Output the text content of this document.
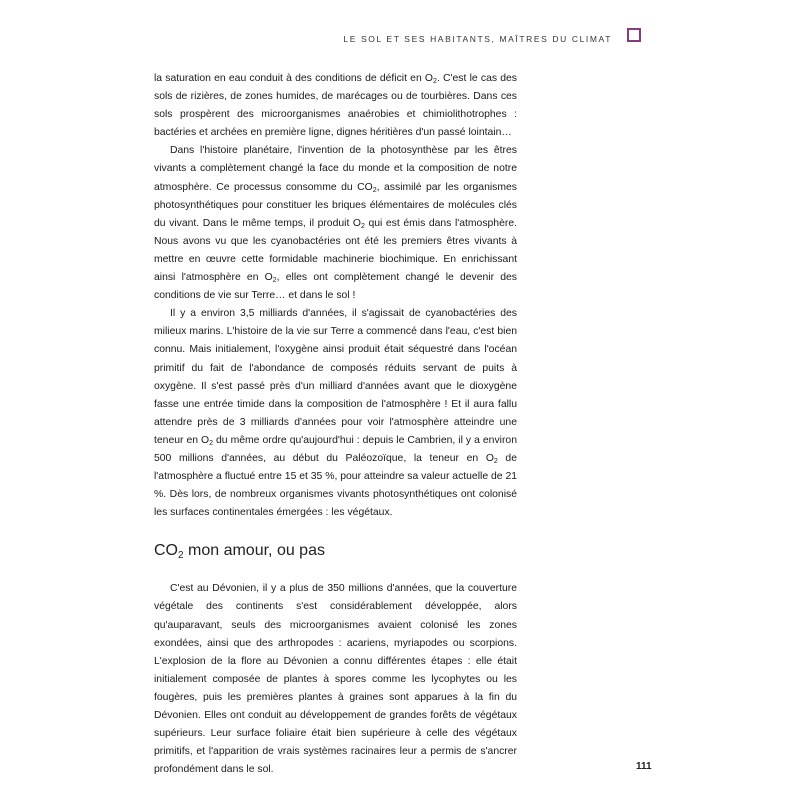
LE SOL ET SES HABITANTS, MAÎTRES DU CLIMAT

la saturation en eau conduit à des conditions de déficit en $O_2$. C'est le cas des sols de rizières, de zones humides, de marécages ou de tourbières. Dans ces sols prospèrent des microorganismes anaérobies et chimiolithotrophes : bactéries et archées en première ligne, dignes héritières d'un passé lointain…

Dans l'histoire planétaire, l'invention de la photosynthèse par les êtres vivants a complètement changé la face du monde et la composition de notre atmosphère. Ce processus consomme du $CO_2$, assimilé par les organismes photosynthétiques pour constituer les briques élémentaires de molécules clés du vivant. Dans le même temps, il produit $O_2$ qui est émis dans l'atmosphère. Nous avons vu que les cyanobactéries ont été les premiers êtres vivants à mettre en œuvre cette formidable machinerie biochimique. En enrichissant ainsi l'atmosphère en $O_2$, elles ont complètement changé le devenir des conditions de vie sur Terre… et dans le sol !

Il y a environ 3,5 milliards d'années, il s'agissait de cyanobactéries des milieux marins. L'histoire de la vie sur Terre a commencé dans l'eau, c'est bien connu. Mais initialement, l'oxygène ainsi produit était séquestré dans l'océan primitif du fait de l'abondance de composés réduits servant de puits à oxygène. Il s'est passé près d'un milliard d'années avant que le dioxygène fasse une entrée timide dans la composition de l'atmosphère ! Et il aura fallu attendre près de 3 milliards d'années pour voir l'atmosphère atteindre une teneur en $O_2$ du même ordre qu'aujourd'hui : depuis le Cambrien, il y a environ 500 millions d'années, au début du Paléozoïque, la teneur en $O_2$ de l'atmosphère a fluctué entre 15 et 35 %, pour atteindre sa valeur actuelle de 21 %. Dès lors, de nombreux organismes vivants photosynthétiques ont colonisé les surfaces continentales émergées : les végétaux.

$CO_2$ mon amour, ou pas

C'est au Dévonien, il y a plus de 350 millions d'années, que la couverture végétale des continents s'est considérablement développée, alors qu'auparavant, seuls des microorganismes avaient colonisé les zones exondées, ainsi que des arthropodes : acariens, myriapodes ou scorpions. L'explosion de la flore au Dévonien a connu différentes étapes : elle était initialement composée de plantes à spores comme les lycophytes ou les fougères, puis les premières plantes à graines sont apparues à la fin du Dévonien. Elles ont conduit au développement de grandes forêts de végétaux supérieurs. Leur surface foliaire était bien supérieure à celle des végétaux primitifs, et l'apparition de vrais systèmes racinaires leur a permis de s'ancrer profondément dans le sol.	111
